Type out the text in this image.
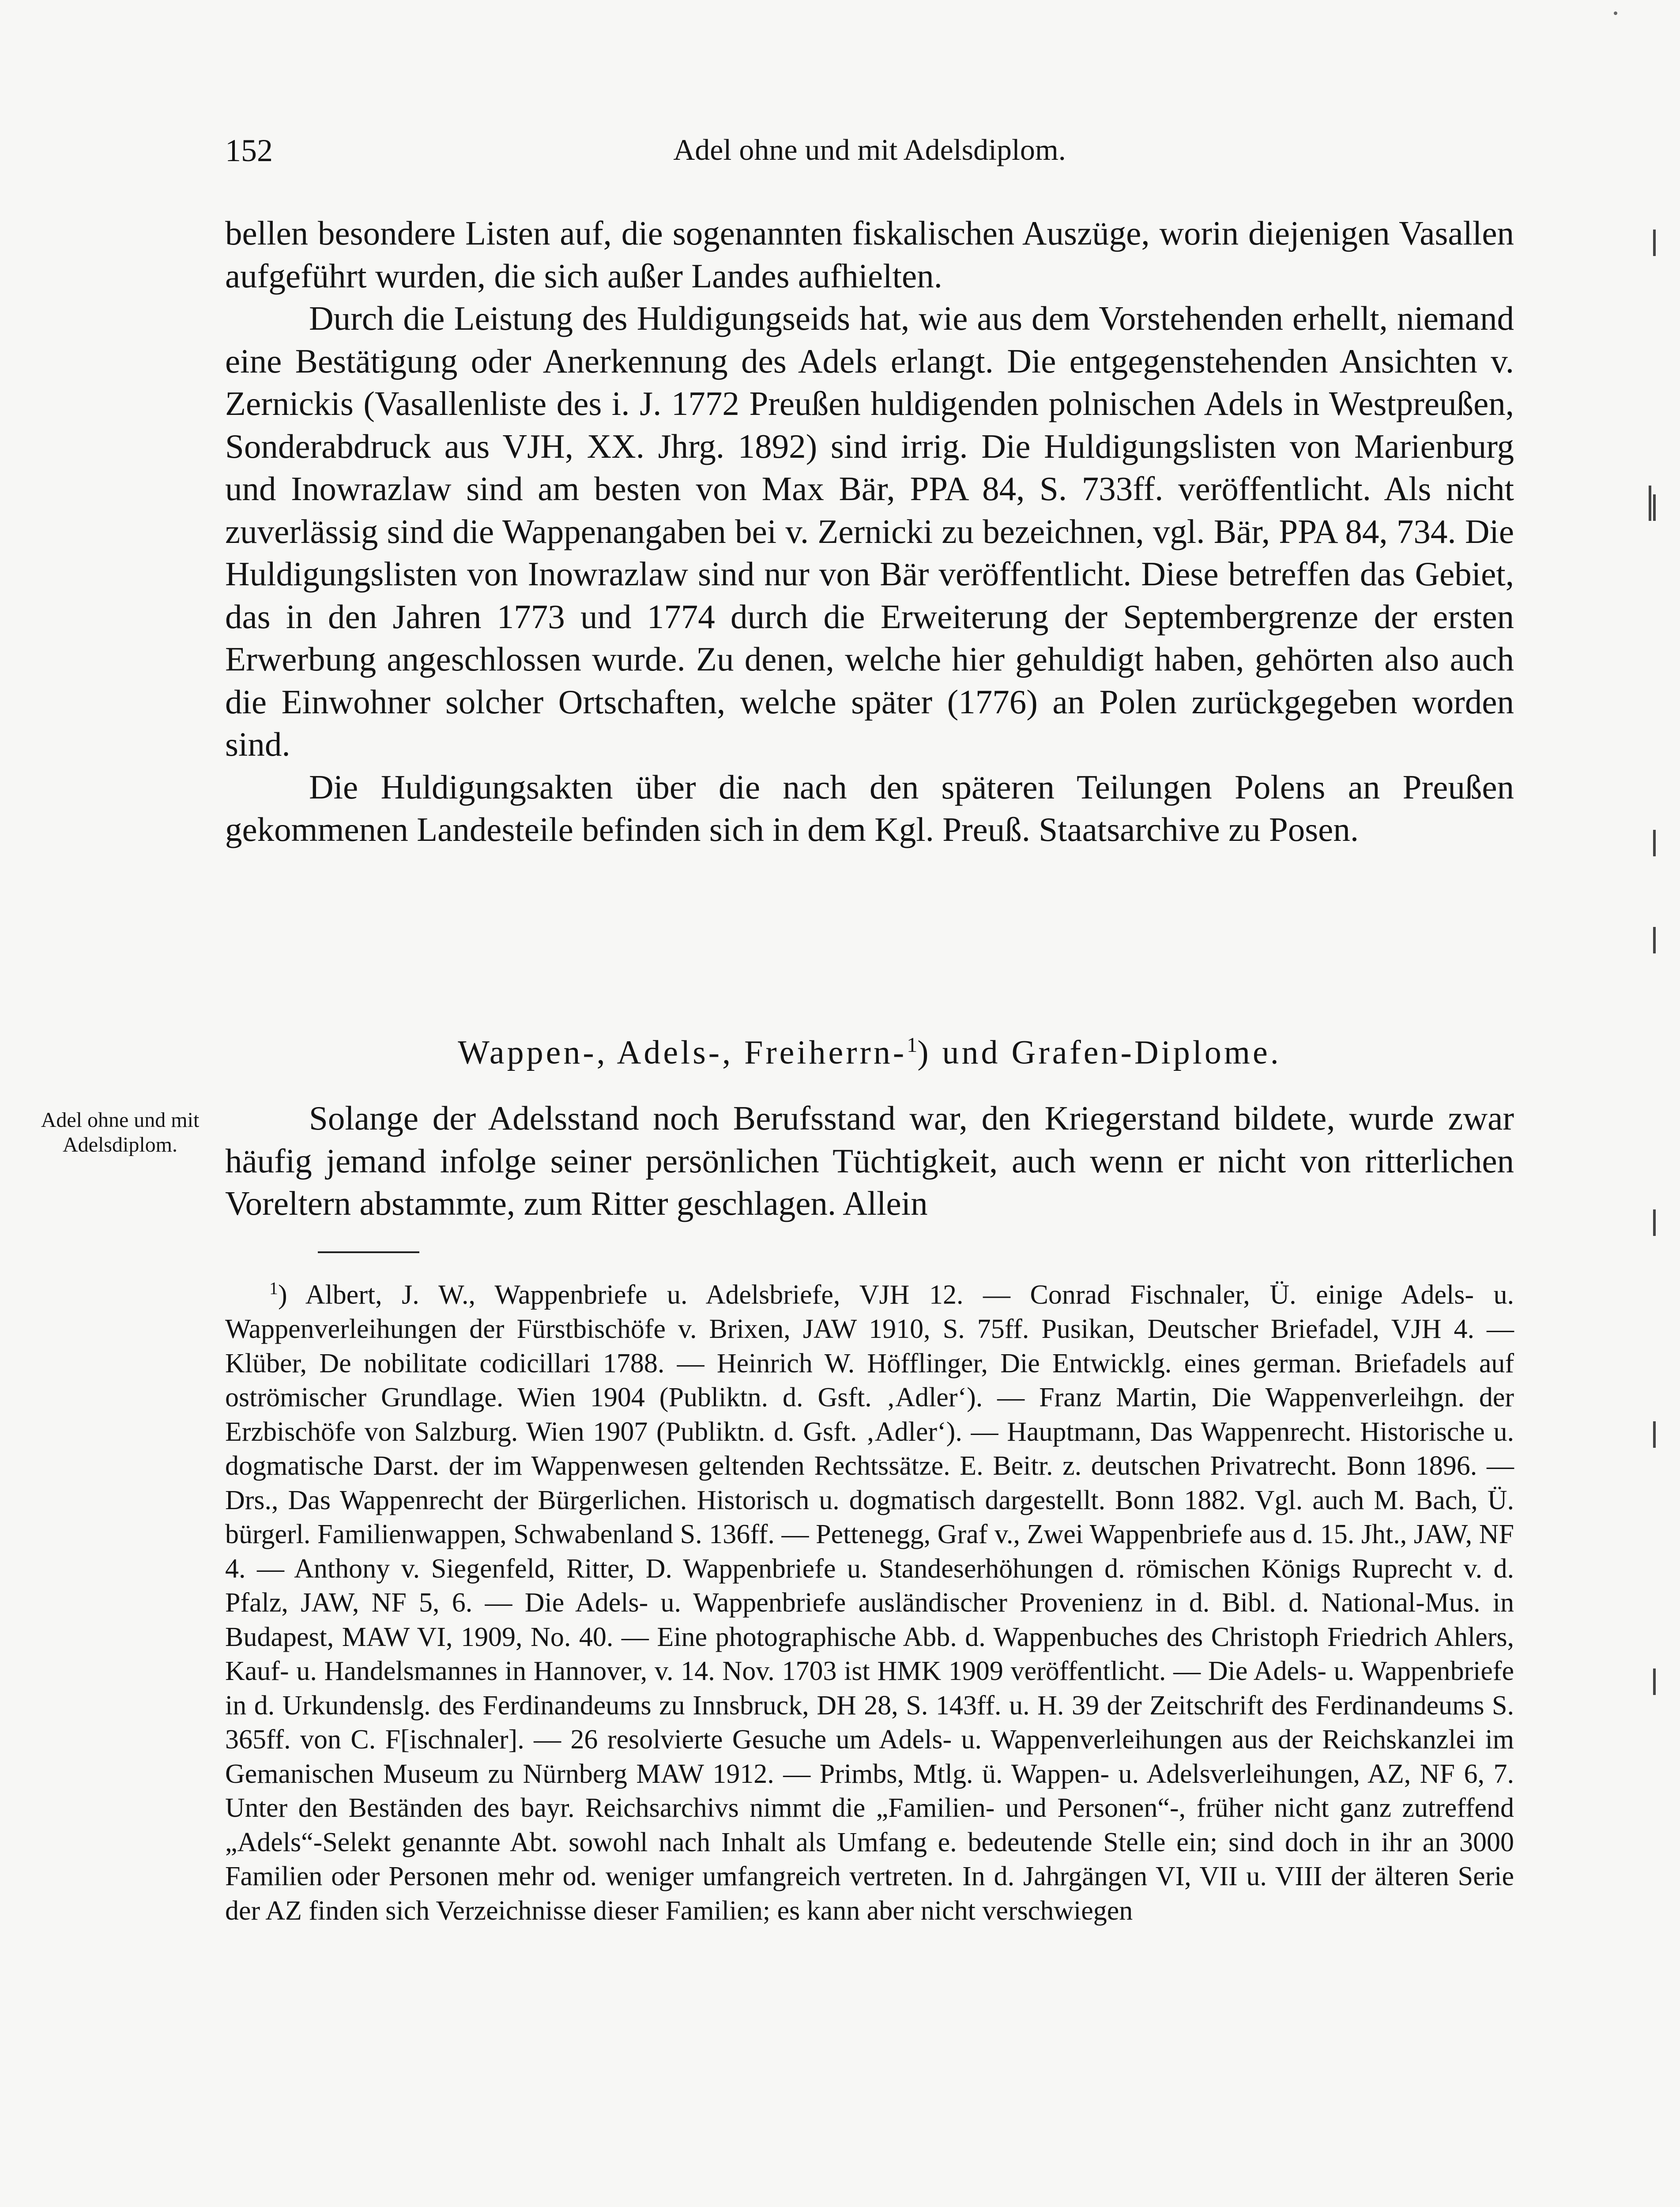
152	Adel ohne und mit Adelsdiplom.

bellen besondere Listen auf, die sogenannten fiskalischen Auszüge, worin diejenigen Vasallen aufgeführt wurden, die sich außer Landes aufhielten.

Durch die Leistung des Huldigungseids hat, wie aus dem Vorstehenden erhellt, niemand eine Bestätigung oder Anerkennung des Adels erlangt. Die entgegenstehenden Ansichten v. Zernickis (Vasallenliste des i. J. 1772 Preußen huldigenden polnischen Adels in Westpreußen, Sonderabdruck aus VJH, XX. Jhrg. 1892) sind irrig. Die Huldigungslisten von Marienburg und Inowrazlaw sind am besten von Max Bär, PPA 84, S. 733ff. veröffentlicht. Als nicht zuverlässig sind die Wappenangaben bei v. Zernicki zu bezeichnen, vgl. Bär, PPA 84, 734. Die Huldigungslisten von Inowrazlaw sind nur von Bär veröffentlicht. Diese betreffen das Gebiet, das in den Jahren 1773 und 1774 durch die Erweiterung der Septembergrenze der ersten Erwerbung angeschlossen wurde. Zu denen, welche hier gehuldigt haben, gehörten also auch die Einwohner solcher Ortschaften, welche später (1776) an Polen zurückgegeben worden sind.

Die Huldigungsakten über die nach den späteren Teilungen Polens an Preußen gekommenen Landesteile befinden sich in dem Kgl. Preuß. Staatsarchive zu Posen.

Wappen-, Adels-, Freiherrn-$^1$) und Grafen-Diplome.
Adel ohne und mit Adelsdiplom.

Solange der Adelsstand noch Berufsstand war, den Kriegerstand bildete, wurde zwar häufig jemand infolge seiner persönlichen Tüchtigkeit, auch wenn er nicht von ritterlichen Voreltern abstammte, zum Ritter geschlagen. Allein

$^1$) Albert, J. W., Wappenbriefe u. Adelsbriefe, VJH 12. — Conrad Fischnaler, Ü. einige Adels- u. Wappenverleihungen der Fürstbischöfe v. Brixen, JAW 1910, S. 75ff. Pusikan, Deutscher Briefadel, VJH 4. — Klüber, De nobilitate codicillari 1788. — Heinrich W. Höfflinger, Die Entwicklg. eines german. Briefadels auf oströmischer Grundlage. Wien 1904 (Publiktn. d. Gsft. ‚Adler‘). — Franz Martin, Die Wappenverleihgn. der Erzbischöfe von Salzburg. Wien 1907 (Publiktn. d. Gsft. ‚Adler‘). — Hauptmann, Das Wappenrecht. Historische u. dogmatische Darst. der im Wappenwesen geltenden Rechtssätze. E. Beitr. z. deutschen Privatrecht. Bonn 1896. — Drs., Das Wappenrecht der Bürgerlichen. Historisch u. dogmatisch dargestellt. Bonn 1882. Vgl. auch M. Bach, Ü. bürgerl. Familienwappen, Schwabenland S. 136ff. — Pettenegg, Graf v., Zwei Wappenbriefe aus d. 15. Jht., JAW, NF 4. — Anthony v. Siegenfeld, Ritter, D. Wappenbriefe u. Standeserhöhungen d. römischen Königs Ruprecht v. d. Pfalz, JAW, NF 5, 6. — Die Adels- u. Wappenbriefe ausländischer Provenienz in d. Bibl. d. National-Mus. in Budapest, MAW VI, 1909, No. 40. — Eine photographische Abb. d. Wappenbuches des Christoph Friedrich Ahlers, Kauf- u. Handelsmannes in Hannover, v. 14. Nov. 1703 ist HMK 1909 veröffentlicht. — Die Adels- u. Wappenbriefe in d. Urkundenslg. des Ferdinandeums zu Innsbruck, DH 28, S. 143ff. u. H. 39 der Zeitschrift des Ferdinandeums S. 365ff. von C. F[ischnaler]. — 26 resolvierte Gesuche um Adels- u. Wappenverleihungen aus der Reichskanzlei im Gemanischen Museum zu Nürnberg MAW 1912. — Primbs, Mtlg. ü. Wappen- u. Adelsverleihungen, AZ, NF 6, 7. Unter den Beständen des bayr. Reichsarchivs nimmt die „Familien- und Personen“-, früher nicht ganz zutreffend „Adels“-Selekt genannte Abt. sowohl nach Inhalt als Umfang e. bedeutende Stelle ein; sind doch in ihr an 3000 Familien oder Personen mehr od. weniger umfangreich vertreten. In d. Jahrgängen VI, VII u. VIII der älteren Serie der AZ finden sich Verzeichnisse dieser Familien; es kann aber nicht verschwiegen
